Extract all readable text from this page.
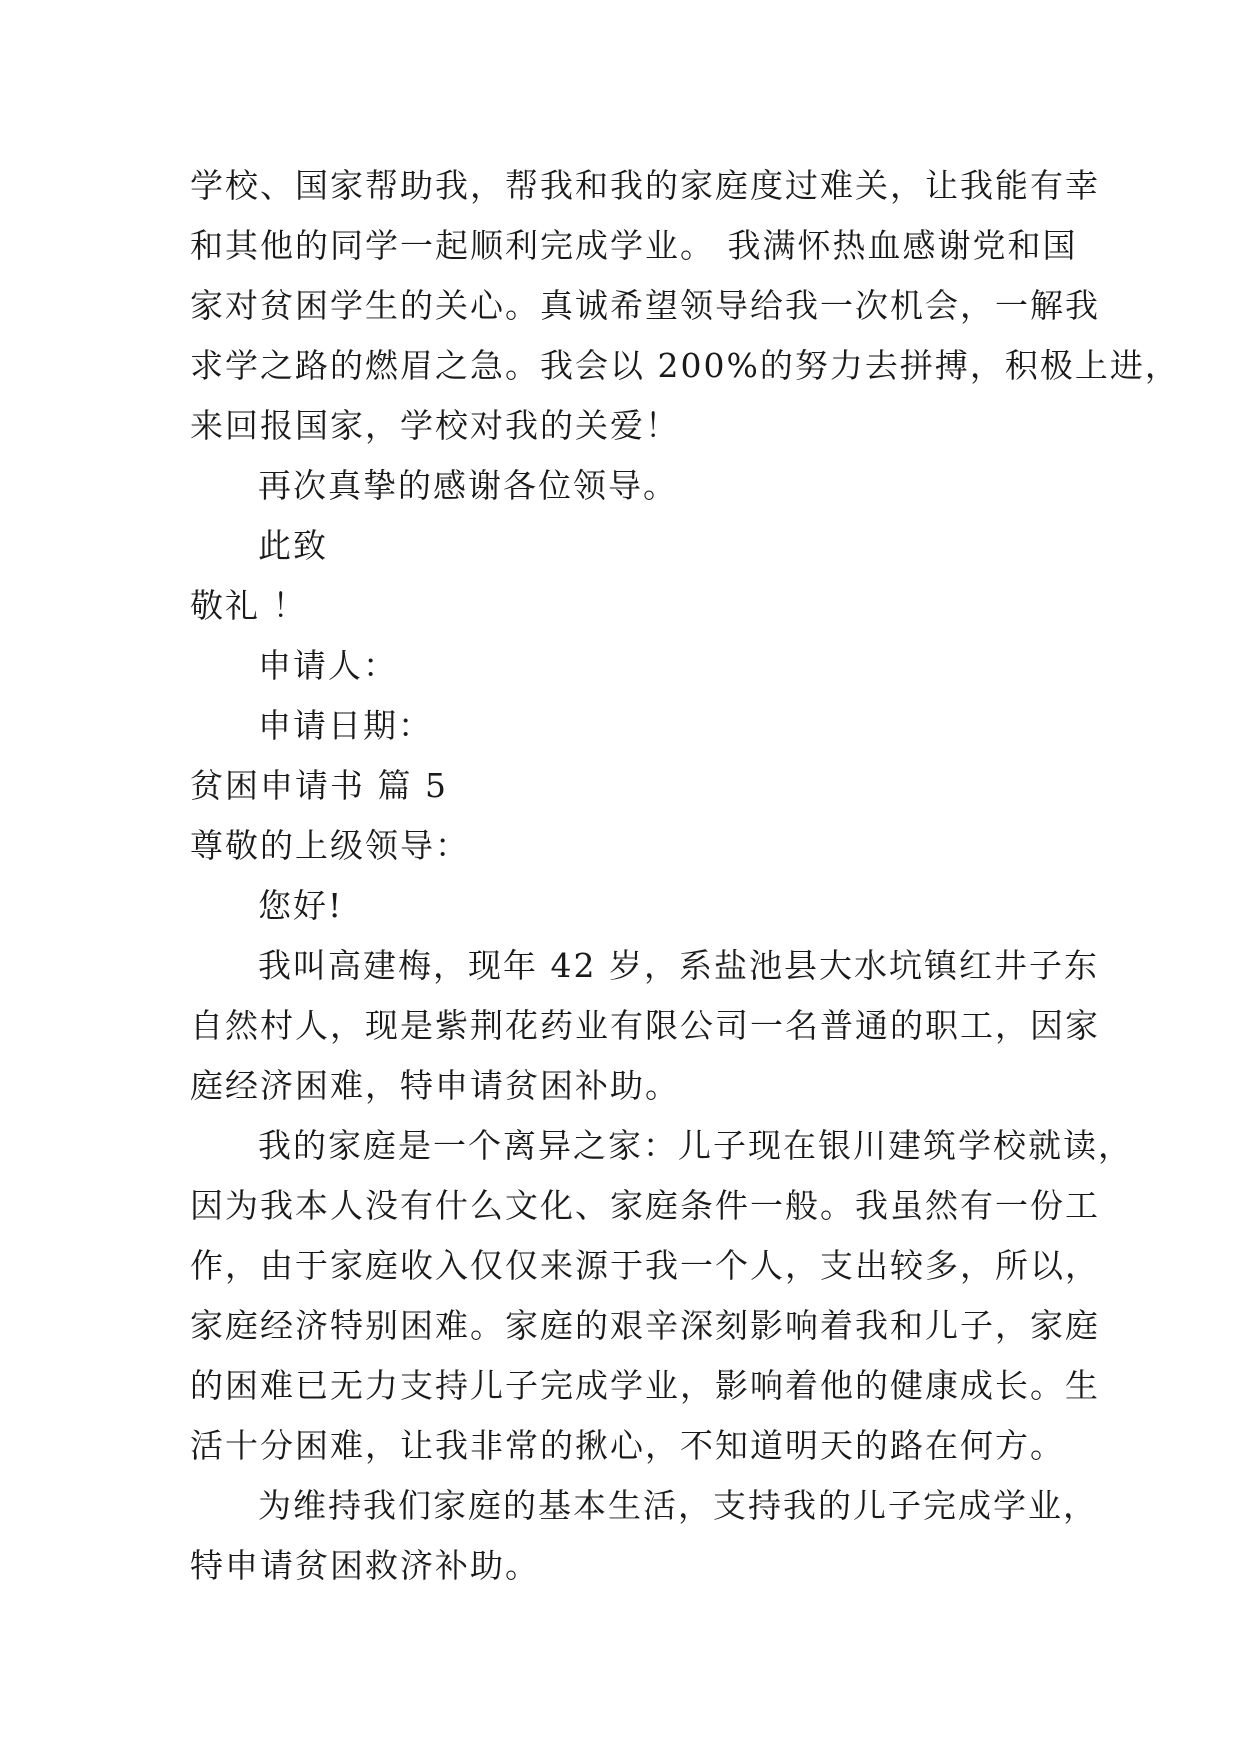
学校、国家帮助我，帮我和我的家庭度过难关，让我能有幸
和其他的同学一起顺利完成学业。 我满怀热血感谢党和国
家对贫困学生的关心。真诚希望领导给我一次机会，一解我
求学之路的燃眉之急。我会以 200%的努力去拼搏，积极上进，
来回报国家，学校对我的关爱！
再次真挚的感谢各位领导。
此致
敬礼 ！
申请人：
申请日期：
贫困申请书 篇 5
尊敬的上级领导：
您好!
我叫高建梅，现年 42 岁，系盐池县大水坑镇红井子东
自然村人，现是紫荆花药业有限公司一名普通的职工，因家
庭经济困难，特申请贫困补助。
我的家庭是一个离异之家：儿子现在银川建筑学校就读，
因为我本人没有什么文化、家庭条件一般。我虽然有一份工
作，由于家庭收入仅仅来源于我一个人，支出较多，所以，
家庭经济特别困难。家庭的艰辛深刻影响着我和儿子，家庭
的困难已无力支持儿子完成学业，影响着他的健康成长。生
活十分困难，让我非常的揪心，不知道明天的路在何方。
为维持我们家庭的基本生活，支持我的儿子完成学业，
特申请贫困救济补助。
